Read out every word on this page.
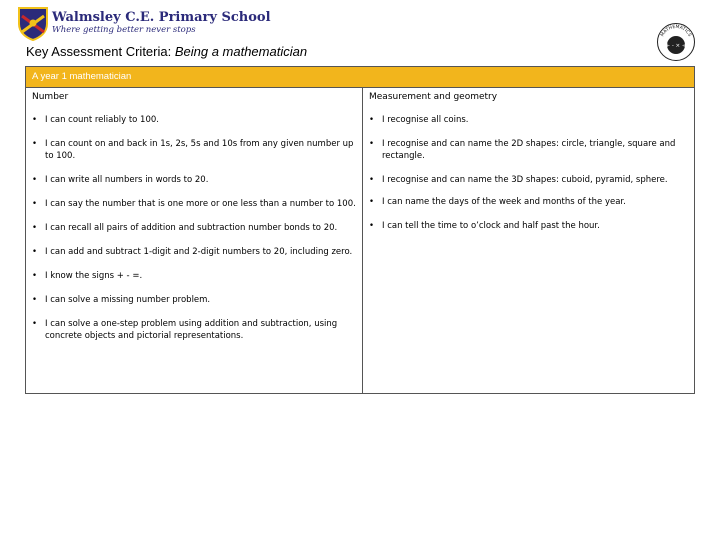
Walmsley C.E. Primary School
Where getting better never stops
Key Assessment Criteria: Being a mathematician
MATHEMATICS
+ - × ÷
A year 1 mathematician
Number
• I can count reliably to 100.
• I can count on and back in 1s, 2s, 5s and 10s from any given number up to 100.
• I can write all numbers in words to 20.
• I can say the number that is one more or one less than a number to 100.
• I can recall all pairs of addition and subtraction number bonds to 20.
• I can add and subtract 1-digit and 2-digit numbers to 20, including zero.
• I know the signs + - =.
• I can solve a missing number problem.
• I can solve a one-step problem using addition and subtraction, using concrete objects and pictorial representations.
Measurement and geometry
• I recognise all coins.
• I recognise and can name the 2D shapes: circle, triangle, square and rectangle.
• I recognise and can name the 3D shapes: cuboid, pyramid, sphere.
• I can name the days of the week and months of the year.
• I can tell the time to o’clock and half past the hour.
